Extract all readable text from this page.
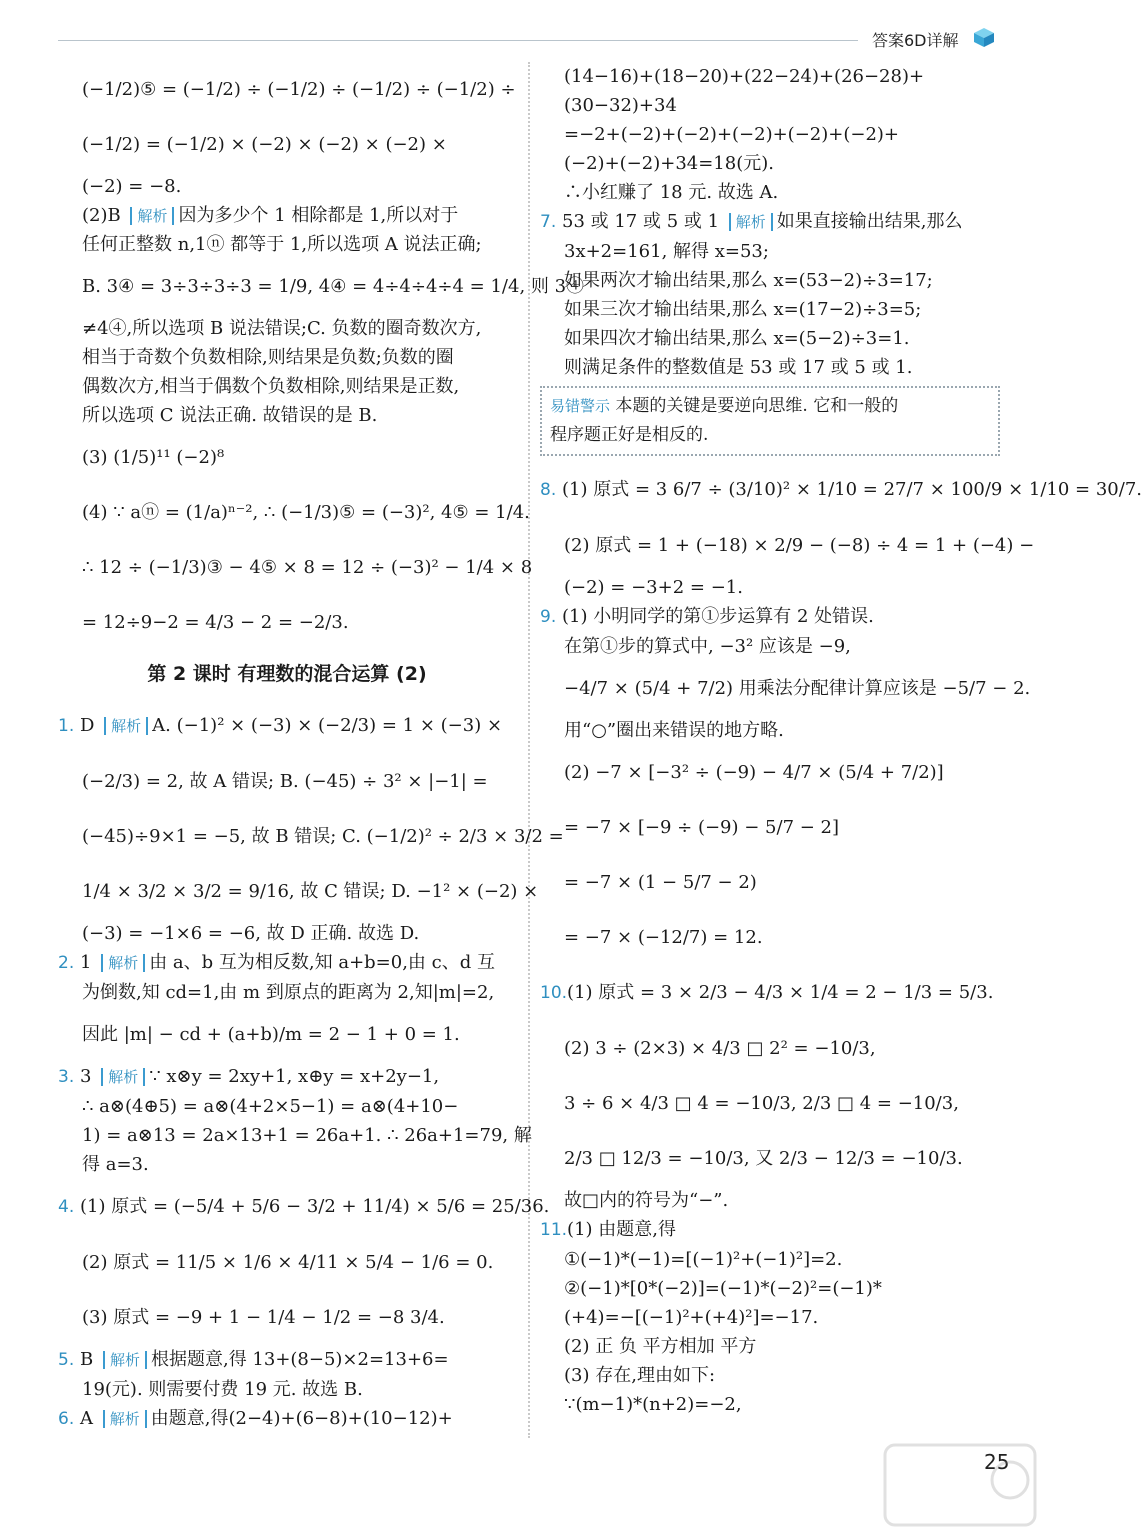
答案6D详解
(−1/2)⑤ = (−1/2) ÷ (−1/2) ÷ (−1/2) ÷ (−1/2) ÷
(−1/2) = (−1/2) × (−2) × (−2) × (−2) ×
(−2) = −8.
(2)B 解析 因为多少个 1 相除都是 1,所以对于
任何正整数 n,1ⓝ 都等于 1,所以选项 A 说法正确;
B. 3④ = 3÷3÷3÷3 = 1/9, 4④ = 4÷4÷4÷4 = 1/4, 则 3④
≠4④,所以选项 B 说法错误;C. 负数的圈奇数次方,
相当于奇数个负数相除,则结果是负数;负数的圈
偶数次方,相当于偶数个负数相除,则结果是正数,
所以选项 C 说法正确. 故错误的是 B.
(3) (1/5)¹¹ (−2)⁸
(4) ∵ aⓝ = (1/a)ⁿ⁻², ∴ (−1/3)⑤ = (−3)², 4⑤ = 1/4.
∴ 12 ÷ (−1/3)③ − 4⑤ × 8 = 12 ÷ (−3)² − 1/4 × 8
= 12÷9−2 = 4/3 − 2 = −2/3.
第 2 课时 有理数的混合运算 (2)
1. D 解析 A. (−1)² × (−3) × (−2/3) = 1 × (−3) ×
(−2/3) = 2, 故 A 错误; B. (−45) ÷ 3² × |−1| =
(−45)÷9×1 = −5, 故 B 错误; C. (−1/2)² ÷ 2/3 × 3/2 =
1/4 × 3/2 × 3/2 = 9/16, 故 C 错误; D. −1² × (−2) ×
(−3) = −1×6 = −6, 故 D 正确. 故选 D.
2. 1 解析 由 a、b 互为相反数,知 a+b=0,由 c、d 互
为倒数,知 cd=1,由 m 到原点的距离为 2,知|m|=2,
因此 |m| − cd + (a+b)/m = 2 − 1 + 0 = 1.
3. 3 解析 ∵ x⊗y = 2xy+1, x⊕y = x+2y−1,
∴ a⊗(4⊕5) = a⊗(4+2×5−1) = a⊗(4+10−
1) = a⊗13 = 2a×13+1 = 26a+1. ∴ 26a+1=79, 解
得 a=3.
4. (1) 原式 = (−5/4 + 5/6 − 3/2 + 11/4) × 5/6 = 25/36.
(2) 原式 = 11/5 × 1/6 × 4/11 × 5/4 − 1/6 = 0.
(3) 原式 = −9 + 1 − 1/4 − 1/2 = −8 3/4.
5. B 解析 根据题意,得 13+(8−5)×2=13+6=
19(元). 则需要付费 19 元. 故选 B.
6. A 解析 由题意,得(2−4)+(6−8)+(10−12)+
(14−16)+(18−20)+(22−24)+(26−28)+
(30−32)+34
=−2+(−2)+(−2)+(−2)+(−2)+(−2)+
(−2)+(−2)+34=18(元).
∴小红赚了 18 元. 故选 A.
7. 53 或 17 或 5 或 1 解析 如果直接输出结果,那么
3x+2=161, 解得 x=53;
如果两次才输出结果,那么 x=(53−2)÷3=17;
如果三次才输出结果,那么 x=(17−2)÷3=5;
如果四次才输出结果,那么 x=(5−2)÷3=1.
则满足条件的整数值是 53 或 17 或 5 或 1.
易错警示 本题的关键是要逆向思维. 它和一般的
程序题正好是相反的.
8. (1) 原式 = 3 6/7 ÷ (3/10)² × 1/10 = 27/7 × 100/9 × 1/10 = 30/7.
(2) 原式 = 1 + (−18) × 2/9 − (−8) ÷ 4 = 1 + (−4) −
(−2) = −3+2 = −1.
9. (1) 小明同学的第①步运算有 2 处错误.
在第①步的算式中, −3² 应该是 −9,
−4/7 × (5/4 + 7/2) 用乘法分配律计算应该是 −5/7 − 2.
用“○”圈出来错误的地方略.
(2) −7 × [−3² ÷ (−9) − 4/7 × (5/4 + 7/2)]
= −7 × [−9 ÷ (−9) − 5/7 − 2]
= −7 × (1 − 5/7 − 2)
= −7 × (−12/7) = 12.
10.(1) 原式 = 3 × 2/3 − 4/3 × 1/4 = 2 − 1/3 = 5/3.
(2) 3 ÷ (2×3) × 4/3 □ 2² = −10/3,
3 ÷ 6 × 4/3 □ 4 = −10/3, 2/3 □ 4 = −10/3,
2/3 □ 12/3 = −10/3, 又 2/3 − 12/3 = −10/3.
故□内的符号为“−”.
11.(1) 由题意,得
①(−1)*(−1)=[(−1)²+(−1)²]=2.
②(−1)*[0*(−2)]=(−1)*(−2)²=(−1)*
(+4)=−[(−1)²+(+4)²]=−17.
(2) 正 负 平方相加 平方
(3) 存在,理由如下:
∵(m−1)*(n+2)=−2,
25
